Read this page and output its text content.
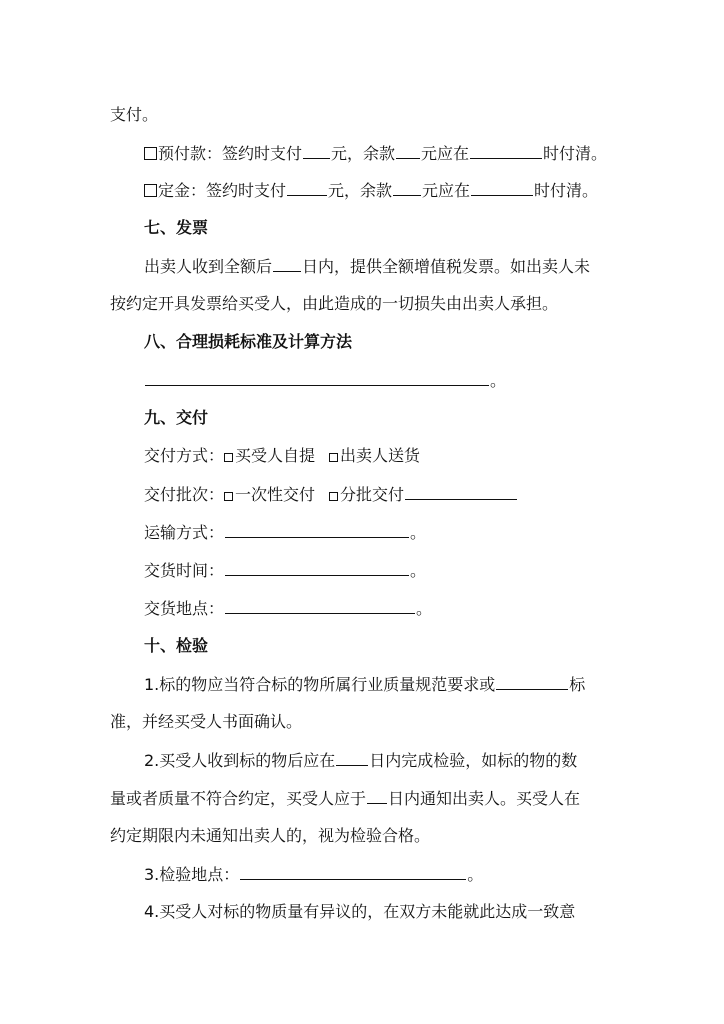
支付。
预付款：签约时支付 元，余款 元应在	时付清。
定金：签约时支付	元，余款 元应在	时付清。
七、发票
出卖人收到全额后 日内，提供全额增值税发票。如出卖人未
按约定开具发票给买受人，由此造成的一切损失由出卖人承担。
八、合理损耗标准及计算方法
。
九、交付
交付方式： 买受人自提 出卖人送货
交付批次： 一次性交付 分批交付
运输方式：	。
交货时间：	。
交货地点：	。
十、检验
1.标的物应当符合标的物所属行业质量规范要求或	标
准，并经买受人书面确认。
2.买受人收到标的物后应在 日内完成检验，如标的物的数
量或者质量不符合约定，买受人应于 日内通知出卖人。买受人在
约定期限内未通知出卖人的，视为检验合格。
3.检验地点：	。
4.买受人对标的物质量有异议的，在双方未能就此达成一致意
